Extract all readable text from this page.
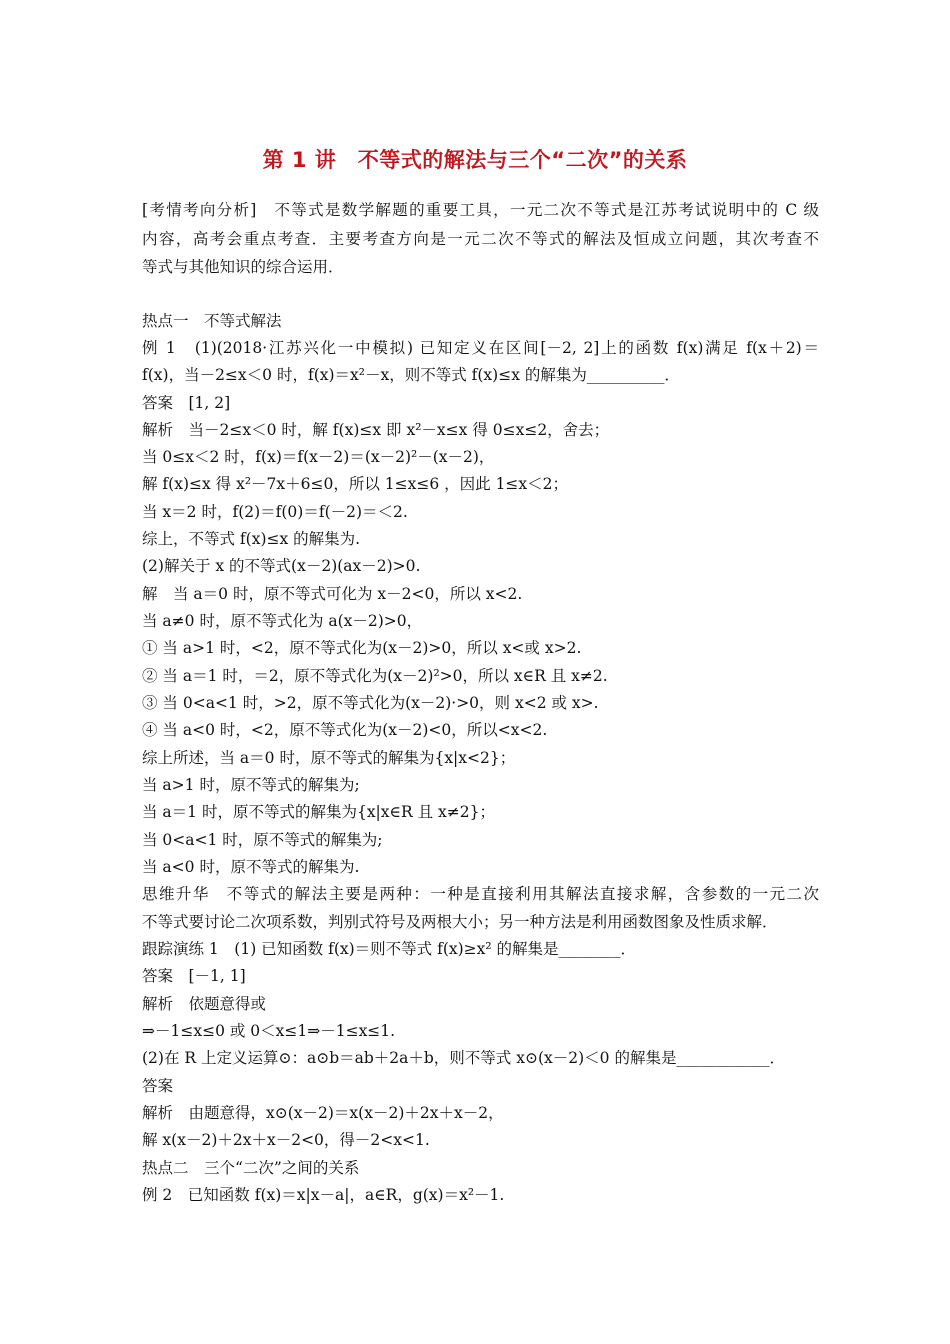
第 1 讲　不等式的解法与三个“二次”的关系
[考情考向分析]　不等式是数学解题的重要工具，一元二次不等式是江苏考试说明中的 C 级
内容，高考会重点考查．主要考查方向是一元二次不等式的解法及恒成立问题，其次考查不
等式与其他知识的综合运用．
热点一　不等式解法
例 1　(1)(2018·江苏兴化一中模拟) 已知定义在区间[－2, 2]上的函数 f(x)满足 f(x＋2)＝
f(x)，当－2≤x＜0 时，f(x)＝x²－x，则不等式 f(x)≤x 的解集为__________．
答案　[1, 2]
解析　当－2≤x＜0 时，解 f(x)≤x 即 x²－x≤x 得 0≤x≤2，舍去；
当 0≤x＜2 时，f(x)＝f(x－2)＝(x－2)²－(x－2)，
解 f(x)≤x 得 x²－7x＋6≤0，所以 1≤x≤6 ，因此 1≤x＜2；
当 x＝2 时，f(2)＝f(0)＝f(－2)＝＜2.
综上，不等式 f(x)≤x 的解集为.
(2)解关于 x 的不等式(x－2)(ax－2)>0.
解　当 a＝0 时，原不等式可化为 x－2<0，所以 x<2.
当 a≠0 时，原不等式化为 a(x－2)>0，
① 当 a>1 时，<2，原不等式化为(x－2)>0，所以 x<或 x>2.
② 当 a＝1 时，＝2，原不等式化为(x－2)²>0，所以 x∈R 且 x≠2.
③ 当 0<a<1 时，>2，原不等式化为(x－2)·>0，则 x<2 或 x>.
④ 当 a<0 时，<2，原不等式化为(x－2)<0，所以<x<2.
综上所述，当 a＝0 时，原不等式的解集为{x|x<2}；
当 a>1 时，原不等式的解集为;
当 a＝1 时，原不等式的解集为{x|x∈R 且 x≠2}；
当 0<a<1 时，原不等式的解集为;
当 a<0 时，原不等式的解集为.
思维升华　不等式的解法主要是两种：一种是直接利用其解法直接求解，含参数的一元二次
不等式要讨论二次项系数，判别式符号及两根大小；另一种方法是利用函数图象及性质求解．
跟踪演练 1　(1) 已知函数 f(x)＝则不等式 f(x)≥x² 的解集是________．
答案　[－1, 1]
解析　依题意得或
⇒－1≤x≤0 或 0＜x≤1⇒－1≤x≤1.
(2)在 R 上定义运算⊙：a⊙b＝ab＋2a＋b，则不等式 x⊙(x－2)＜0 的解集是____________．
答案
解析　由题意得，x⊙(x－2)＝x(x－2)＋2x＋x－2，
解 x(x－2)＋2x＋x－2<0，得－2<x<1.
热点二　三个“二次”之间的关系
例 2　已知函数 f(x)＝x|x－a|，a∈R，g(x)＝x²－1.
